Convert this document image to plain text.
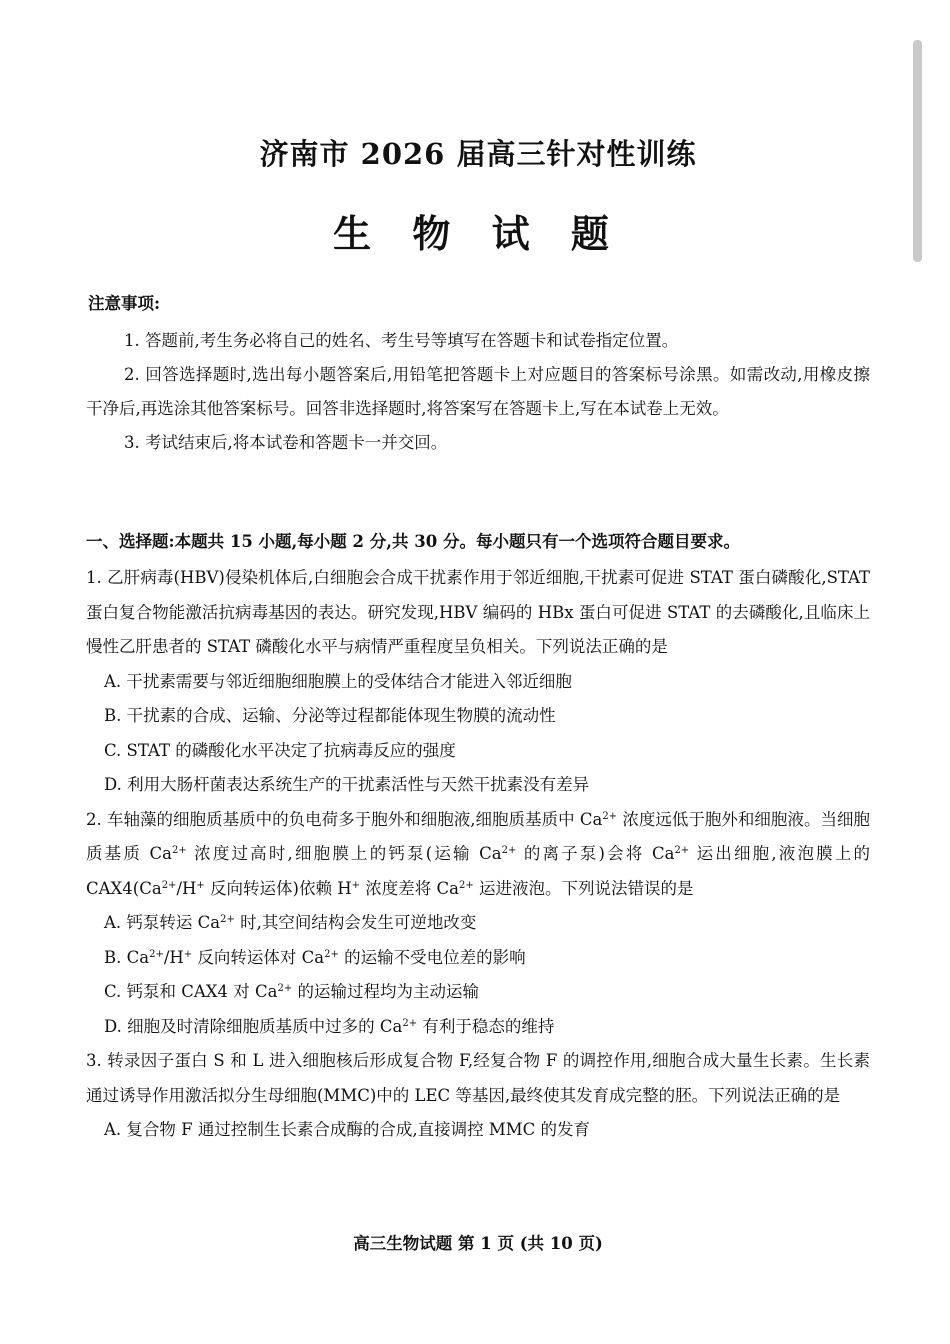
济南市 2026 届高三针对性训练
生 物 试 题
注意事项:

1. 答题前,考生务必将自己的姓名、考生号等填写在答题卡和试卷指定位置。

2. 回答选择题时,选出每小题答案后,用铅笔把答题卡上对应题目的答案标号涂黑。如需改动,用橡皮擦干净后,再选涂其他答案标号。回答非选择题时,将答案写在答题卡上,写在本试卷上无效。

3. 考试结束后,将本试卷和答题卡一并交回。

一、选择题:本题共 15 小题,每小题 2 分,共 30 分。每小题只有一个选项符合题目要求。

1. 乙肝病毒(HBV)侵染机体后,白细胞会合成干扰素作用于邻近细胞,干扰素可促进 STAT 蛋白磷酸化,STAT 蛋白复合物能激活抗病毒基因的表达。研究发现,HBV 编码的 HBx 蛋白可促进 STAT 的去磷酸化,且临床上慢性乙肝患者的 STAT 磷酸化水平与病情严重程度呈负相关。下列说法正确的是

A. 干扰素需要与邻近细胞细胞膜上的受体结合才能进入邻近细胞

B. 干扰素的合成、运输、分泌等过程都能体现生物膜的流动性

C. STAT 的磷酸化水平决定了抗病毒反应的强度

D. 利用大肠杆菌表达系统生产的干扰素活性与天然干扰素没有差异

2. 车轴藻的细胞质基质中的负电荷多于胞外和细胞液,细胞质基质中 $Ca^{2+}$ 浓度远低于胞外和细胞液。当细胞质基质 $Ca^{2+}$ 浓度过高时,细胞膜上的钙泵(运输 $Ca^{2+}$ 的离子泵)会将 $Ca^{2+}$ 运出细胞,液泡膜上的 $CAX4(Ca^{2+}/H^+$ 反向转运体)依赖 H+ 浓度差将 $Ca^{2+}$ 运进液泡。下列说法错误的是

A. 钙泵转运 $Ca^{2+}$ 时,其空间结构会发生可逆地改变

B. $Ca^{2+}/H^+$ 反向转运体对 $Ca^{2+}$ 的运输不受电位差的影响

C. 钙泵和 CAX4 对 $Ca^{2+}$ 的运输过程均为主动运输

D. 细胞及时清除细胞质基质中过多的 $Ca^{2+}$ 有利于稳态的维持

3. 转录因子蛋白 S 和 L 进入细胞核后形成复合物 F,经复合物 F 的调控作用,细胞合成大量生长素。生长素通过诱导作用激活拟分生母细胞(MMC)中的 LEC 等基因,最终使其发育成完整的胚。下列说法正确的是

A. 复合物 F 通过控制生长素合成酶的合成,直接调控 MMC 的发育

高三生物试题 第 1 页 (共 10 页)
